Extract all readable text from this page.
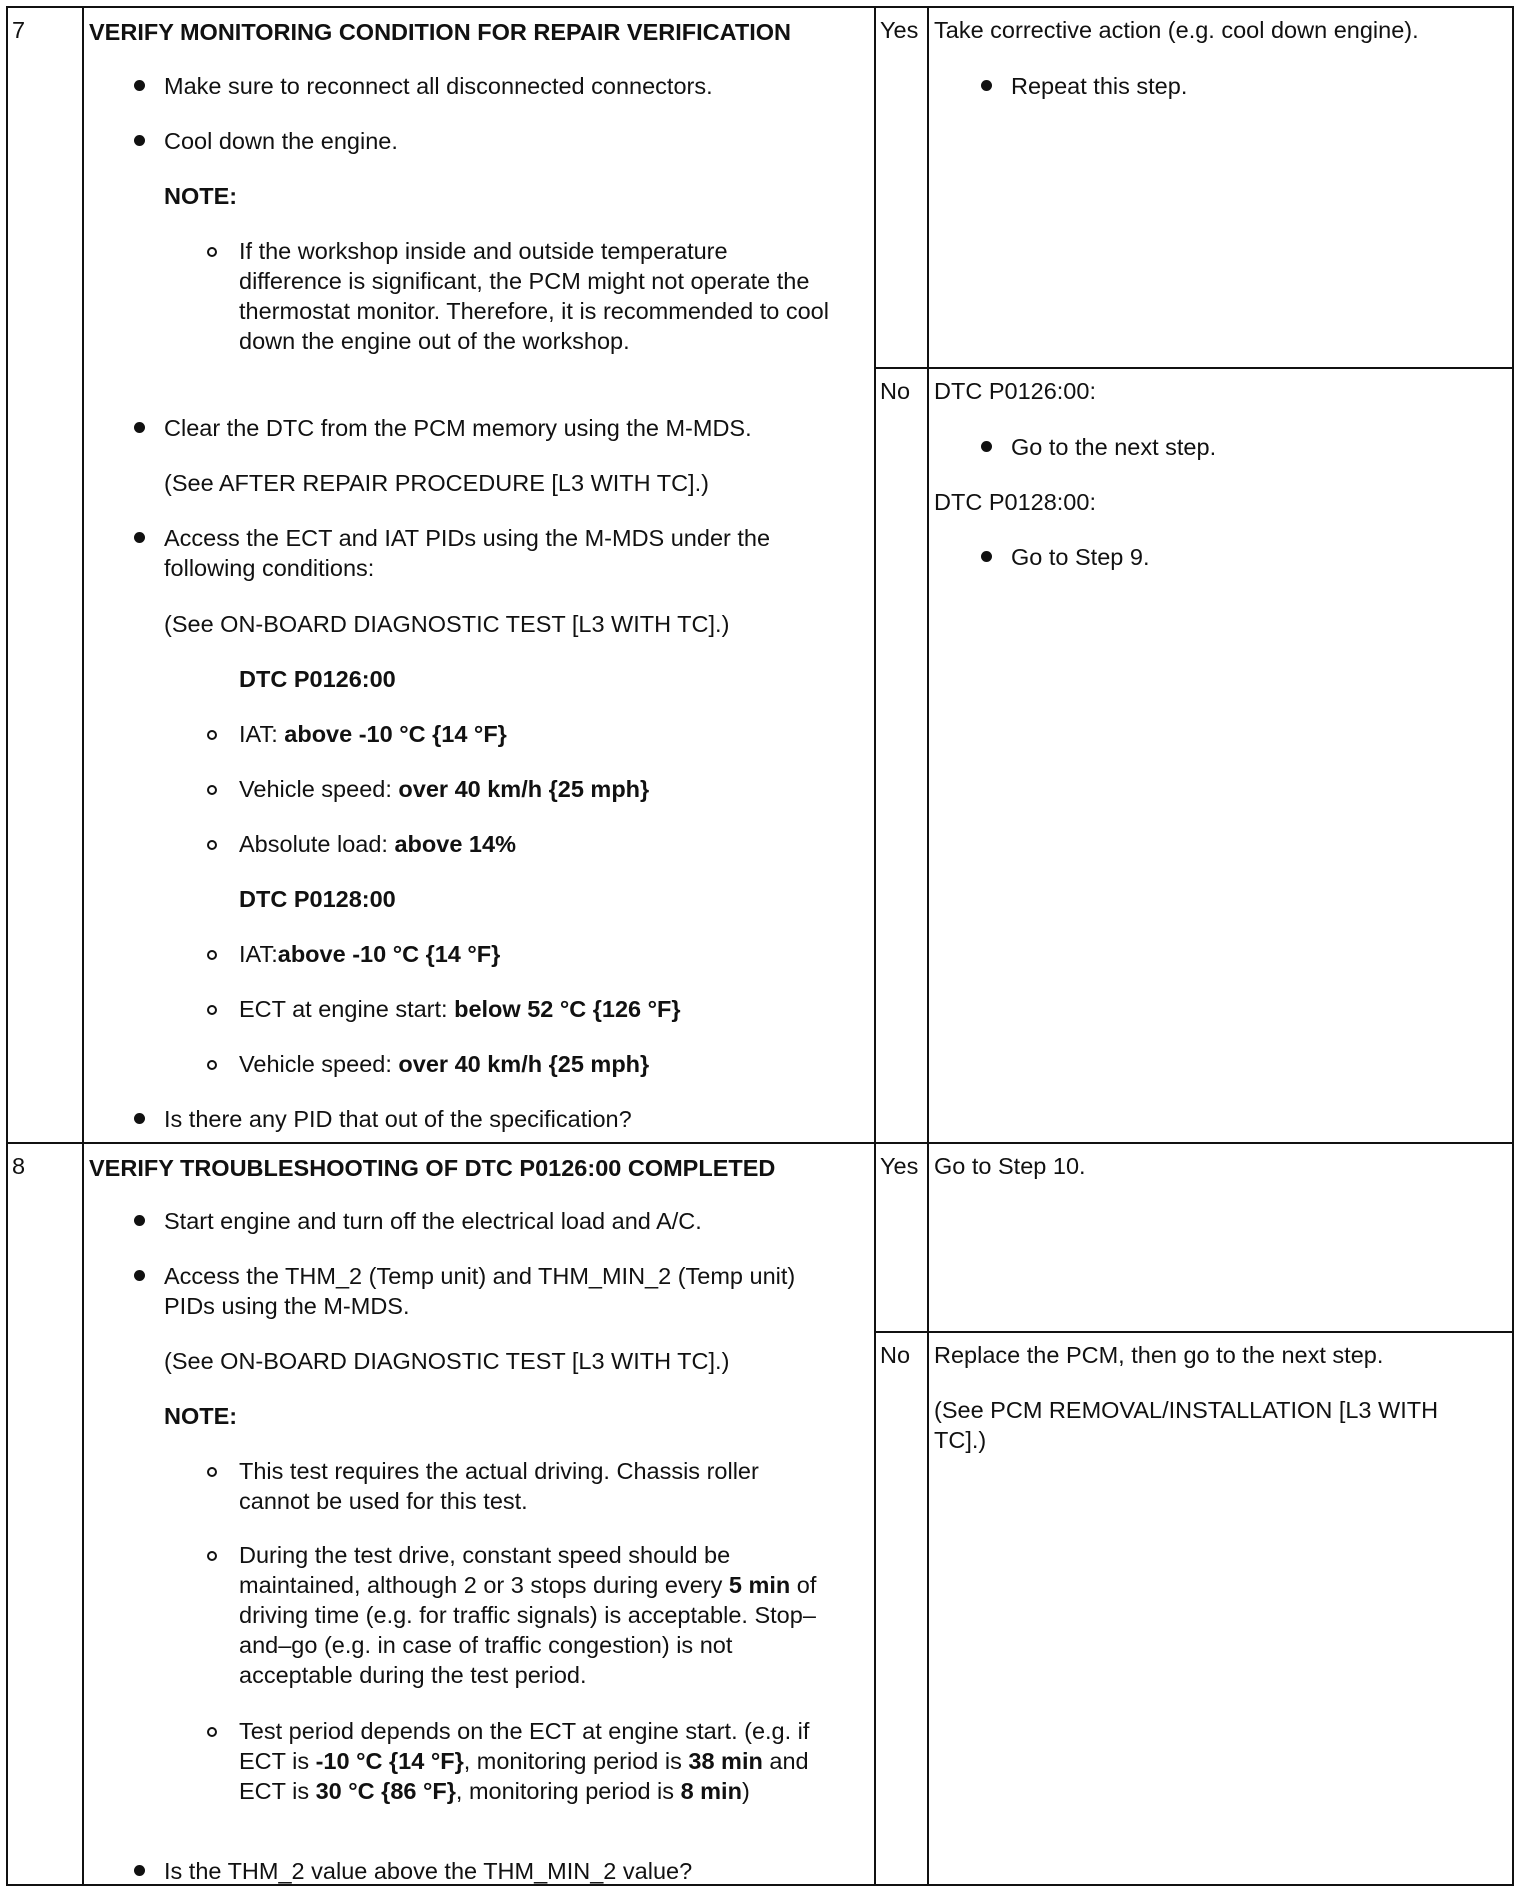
7	VERIFY MONITORING CONDITION FOR REPAIR VERIFICATION
Make sure to reconnect all disconnected connectors.
Cool down the engine.
NOTE:
If the workshop inside and outside temperature difference is significant, the PCM might not operate the thermostat monitor. Therefore, it is recommended to cool down the engine out of the workshop.
Clear the DTC from the PCM memory using the M-MDS.
(See AFTER REPAIR PROCEDURE [L3 WITH TC].)
Access the ECT and IAT PIDs using the M-MDS under the following conditions:
(See ON-BOARD DIAGNOSTIC TEST [L3 WITH TC].)
DTC P0126:00
IAT: above -10 °C {14 °F}
Vehicle speed: over 40 km/h {25 mph}
Absolute load: above 14%
DTC P0128:00
IAT:above -10 °C {14 °F}
ECT at engine start: below 52 °C {126 °F}
Vehicle speed: over 40 km/h {25 mph}
Is there any PID that out of the specification?
Yes Take corrective action (e.g. cool down engine).
Repeat this step.
No DTC P0126:00:
Go to the next step.
DTC P0128:00:
Go to Step 9.
8	VERIFY TROUBLESHOOTING OF DTC P0126:00 COMPLETED
Start engine and turn off the electrical load and A/C.
Access the THM_2 (Temp unit) and THM_MIN_2 (Temp unit) PIDs using the M-MDS.
(See ON-BOARD DIAGNOSTIC TEST [L3 WITH TC].)
NOTE:
This test requires the actual driving. Chassis roller cannot be used for this test.
During the test drive, constant speed should be maintained, although 2 or 3 stops during every 5 min of driving time (e.g. for traffic signals) is acceptable. Stop–and–go (e.g. in case of traffic congestion) is not acceptable during the test period.
Test period depends on the ECT at engine start. (e.g. if ECT is -10 °C {14 °F}, monitoring period is 38 min and ECT is 30 °C {86 °F}, monitoring period is 8 min)
Is the THM_2 value above the THM_MIN_2 value?
Yes Go to Step 10.
No Replace the PCM, then go to the next step.
(See PCM REMOVAL/INSTALLATION [L3 WITH TC].)
